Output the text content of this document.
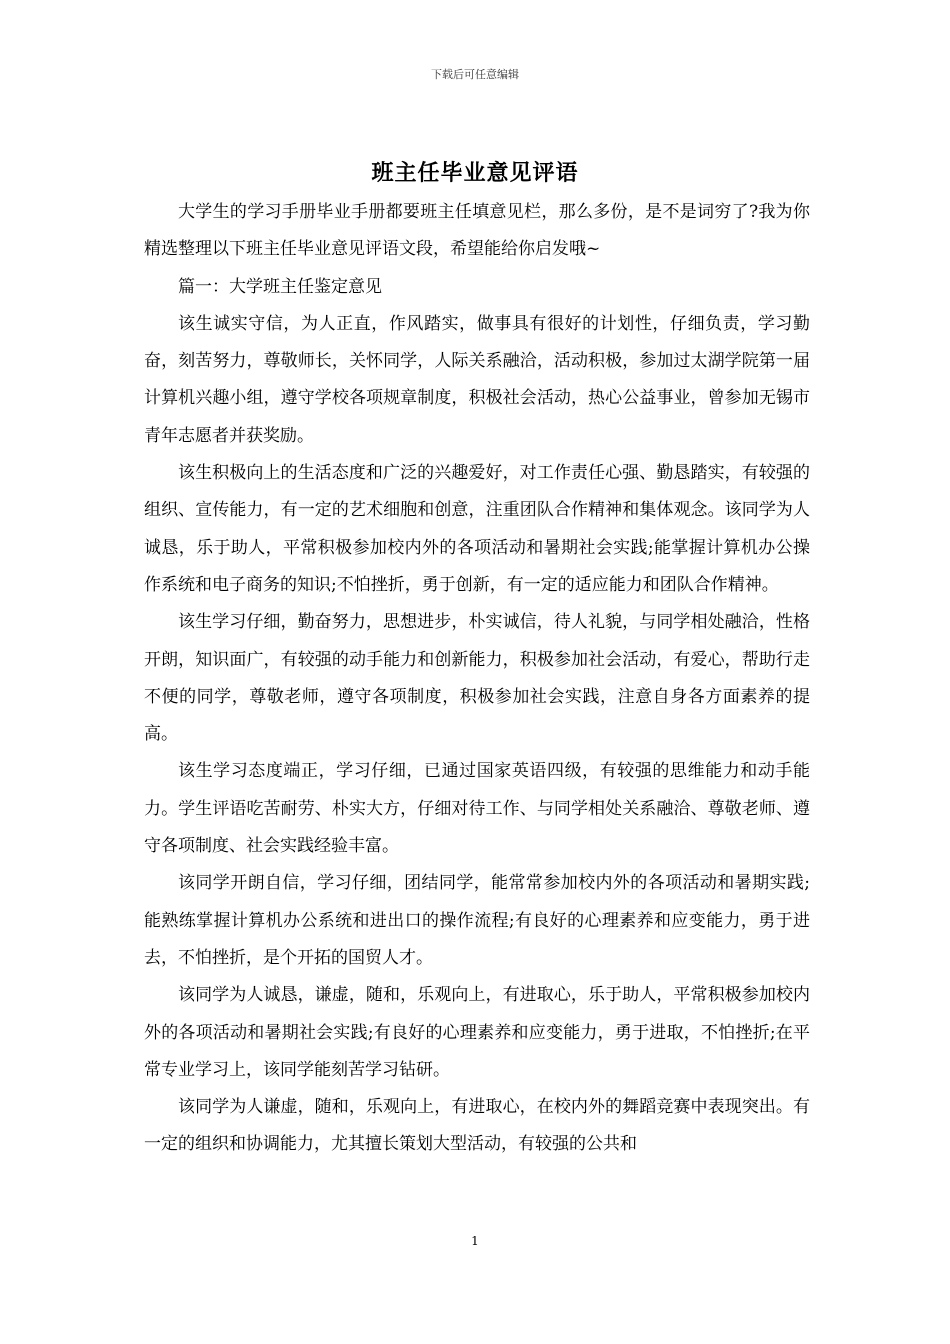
下载后可任意编辑
班主任毕业意见评语

大学生的学习手册毕业手册都要班主任填意见栏，那么多份，是不是词穷了?我为你精选整理以下班主任毕业意见评语文段，希望能给你启发哦~

篇一：大学班主任鉴定意见

该生诚实守信，为人正直，作风踏实，做事具有很好的计划性，仔细负责，学习勤奋，刻苦努力，尊敬师长，关怀同学，人际关系融洽，活动积极，参加过太湖学院第一届计算机兴趣小组，遵守学校各项规章制度，积极社会活动，热心公益事业，曾参加无锡市青年志愿者并获奖励。

该生积极向上的生活态度和广泛的兴趣爱好，对工作责任心强、勤恳踏实，有较强的组织、宣传能力，有一定的艺术细胞和创意，注重团队合作精神和集体观念。该同学为人诚恳，乐于助人，平常积极参加校内外的各项活动和暑期社会实践;能掌握计算机办公操作系统和电子商务的知识;不怕挫折，勇于创新，有一定的适应能力和团队合作精神。

该生学习仔细，勤奋努力，思想进步，朴实诚信，待人礼貌，与同学相处融洽，性格开朗，知识面广，有较强的动手能力和创新能力，积极参加社会活动，有爱心，帮助行走不便的同学，尊敬老师，遵守各项制度，积极参加社会实践，注意自身各方面素养的提高。

该生学习态度端正，学习仔细，已通过国家英语四级，有较强的思维能力和动手能力。学生评语吃苦耐劳、朴实大方，仔细对待工作、与同学相处关系融洽、尊敬老师、遵守各项制度、社会实践经验丰富。

该同学开朗自信，学习仔细，团结同学，能常常参加校内外的各项活动和暑期实践;能熟练掌握计算机办公系统和进出口的操作流程;有良好的心理素养和应变能力，勇于进去，不怕挫折，是个开拓的国贸人才。

该同学为人诚恳，谦虚，随和，乐观向上，有进取心，乐于助人，平常积极参加校内外的各项活动和暑期社会实践;有良好的心理素养和应变能力，勇于进取，不怕挫折;在平常专业学习上，该同学能刻苦学习钻研。

该同学为人谦虚，随和，乐观向上，有进取心，在校内外的舞蹈竞赛中表现突出。有一定的组织和协调能力，尤其擅长策划大型活动，有较强的公共和

1
